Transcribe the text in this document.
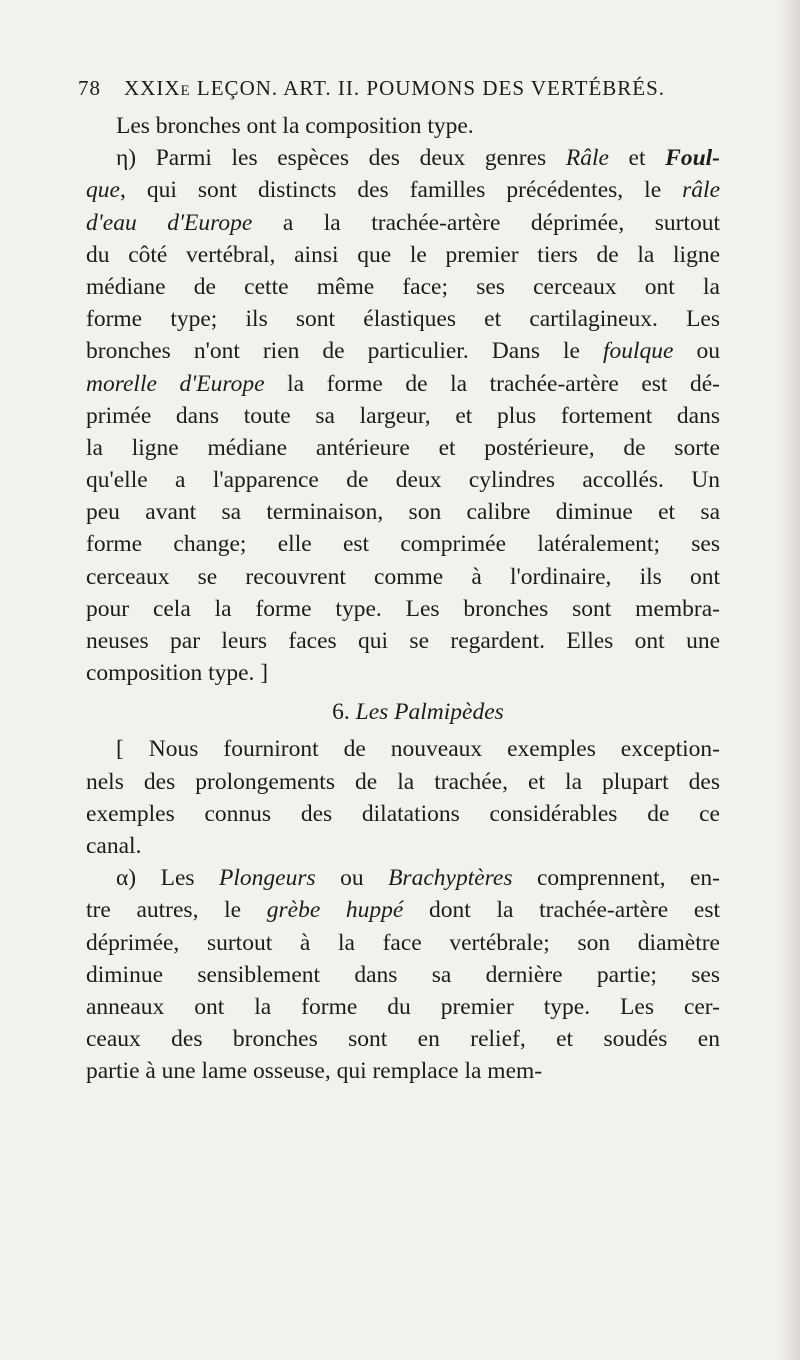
78 XXIXe LEÇON. ART. II. POUMONS DES VERTÉBRÉS.
Les bronches ont la composition type.
η) Parmi les espèces des deux genres Râle et Foul-
que, qui sont distincts des familles précédentes, le râle
d'eau d'Europe a la trachée-artère déprimée, surtout
du côté vertébral, ainsi que le premier tiers de la ligne
médiane de cette même face; ses cerceaux ont la
forme type; ils sont élastiques et cartilagineux. Les
bronches n'ont rien de particulier. Dans le foulque ou
morelle d'Europe la forme de la trachée-artère est dé-
primée dans toute sa largeur, et plus fortement dans
la ligne médiane antérieure et postérieure, de sorte
qu'elle a l'apparence de deux cylindres accollés. Un
peu avant sa terminaison, son calibre diminue et sa
forme change; elle est comprimée latéralement; ses
cerceaux se recouvrent comme à l'ordinaire, ils ont
pour cela la forme type. Les bronches sont membra-
neuses par leurs faces qui se regardent. Elles ont une
composition type. ]
6. Les Palmipèdes
[ Nous fourniront de nouveaux exemples exception-
nels des prolongements de la trachée, et la plupart des
exemples connus des dilatations considérables de ce
canal.
α) Les Plongeurs ou Brachyptères comprennent, en-
tre autres, le grèbe huppé dont la trachée-artère est
déprimée, surtout à la face vertébrale; son diamètre
diminue sensiblement dans sa dernière partie; ses
anneaux ont la forme du premier type. Les cer-
ceaux des bronches sont en relief, et soudés en
partie à une lame osseuse, qui remplace la mem-
